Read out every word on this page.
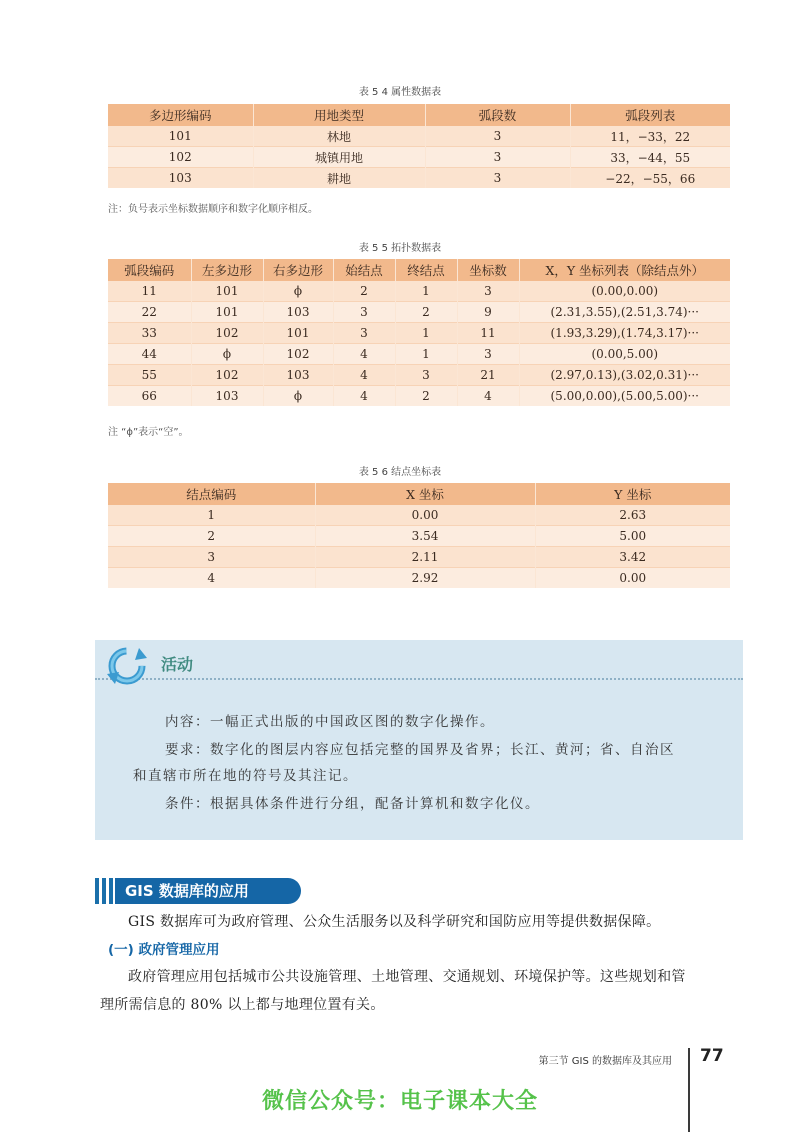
表 5 4 属性数据表
多边形编码	用地类型	弧段数	弧段列表
101	林地	3	11，−33，22
102	城镇用地	3	33，−44，55
103	耕地	3	−22，−55，66
注：负号表示坐标数据顺序和数字化顺序相反。
表 5 5 拓扑数据表
弧段编码	左多边形	右多边形	始结点	终结点	坐标数	X，Y 坐标列表（除结点外）
11	101	ϕ	2	1	3	(0.00,0.00)
22	101	103	3	2	9	(2.31,3.55),(2.51,3.74)···
33	102	101	3	1	11	(1.93,3.29),(1.74,3.17)···
44	ϕ	102	4	1	3	(0.00,5.00)
55	102	103	4	3	21	(2.97,0.13),(3.02,0.31)···
66	103	ϕ	4	2	4	(5.00,0.00),(5.00,5.00)···
注 “ϕ”表示“空”。
表 5 6 结点坐标表
结点编码	X 坐标	Y 坐标
1	0.00	2.63
2	3.54	5.00
3	2.11	3.42
4	2.92	0.00
活动
内容：一幅正式出版的中国政区图的数字化操作。
要求：数字化的图层内容应包括完整的国界及省界；长江、黄河；省、自治区
和直辖市所在地的符号及其注记。
条件：根据具体条件进行分组，配备计算机和数字化仪。
GIS 数据库的应用
GIS 数据库可为政府管理、公众生活服务以及科学研究和国防应用等提供数据保障。
(一) 政府管理应用
政府管理应用包括城市公共设施管理、土地管理、交通规划、环境保护等。这些规划和管
理所需信息的 80% 以上都与地理位置有关。
第三节 GIS 的数据库及其应用 77
微信公众号：电子课本大全
